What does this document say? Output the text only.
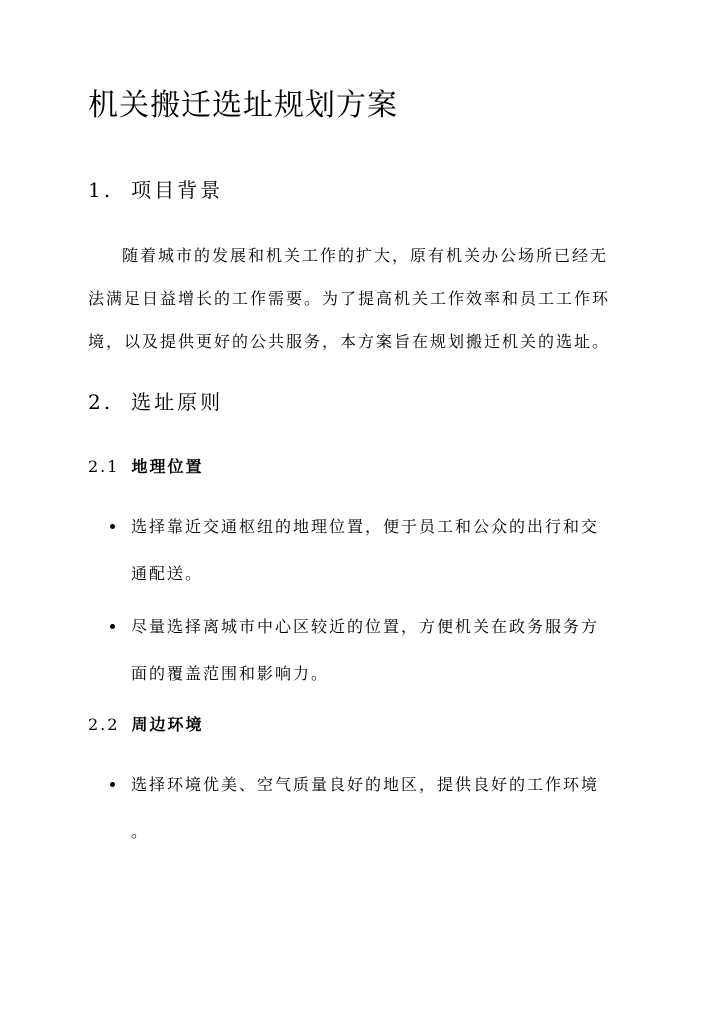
机关搬迁选址规划方案
1. 项目背景
随着城市的发展和机关工作的扩大，原有机关办公场所已经无
法满足日益增长的工作需要。为了提高机关工作效率和员工工作环
境，以及提供更好的公共服务，本方案旨在规划搬迁机关的选址。
2. 选址原则
2.1 地理位置
选择靠近交通枢纽的地理位置，便于员工和公众的出行和交
通配送。
尽量选择离城市中心区较近的位置，方便机关在政务服务方
面的覆盖范围和影响力。
2.2 周边环境
选择环境优美、空气质量良好的地区，提供良好的工作环境
。
